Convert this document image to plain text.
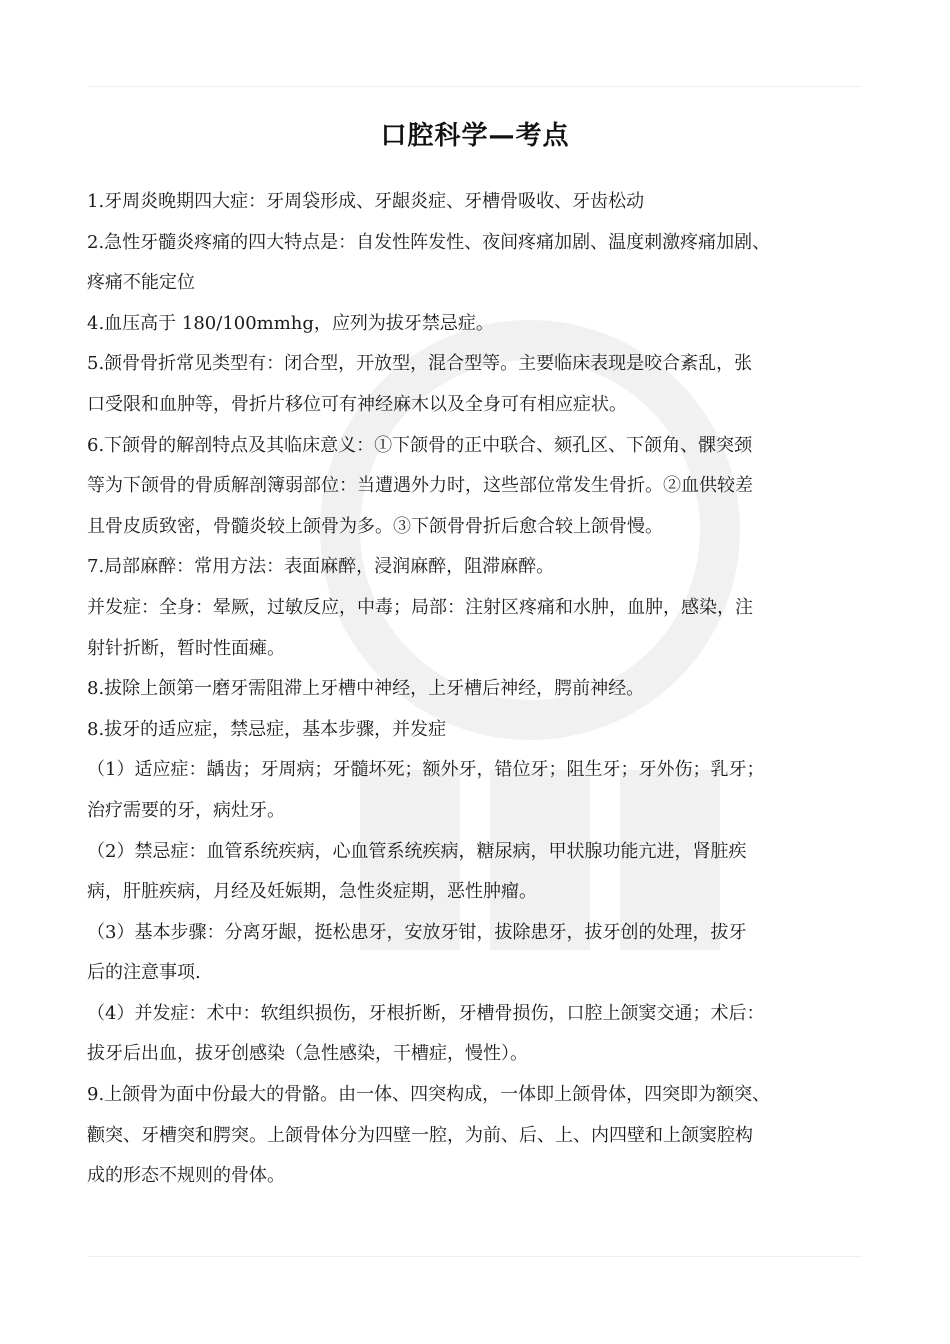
口腔科学—考点
1.牙周炎晚期四大症：牙周袋形成、牙龈炎症、牙槽骨吸收、牙齿松动
2.急性牙髓炎疼痛的四大特点是：自发性阵发性、夜间疼痛加剧、温度刺激疼痛加剧、
疼痛不能定位
4.血压高于 180/100mmhg，应列为拔牙禁忌症。
5.颌骨骨折常见类型有：闭合型，开放型，混合型等。主要临床表现是咬合紊乱，张
口受限和血肿等，骨折片移位可有神经麻木以及全身可有相应症状。
6.下颌骨的解剖特点及其临床意义：①下颌骨的正中联合、颏孔区、下颌角、髁突颈
等为下颌骨的骨质解剖簿弱部位：当遭遇外力时，这些部位常发生骨折。②血供较差
且骨皮质致密，骨髓炎较上颌骨为多。③下颌骨骨折后愈合较上颌骨慢。
7.局部麻醉：常用方法：表面麻醉，浸润麻醉，阻滞麻醉。
并发症：全身：晕厥，过敏反应，中毒；局部：注射区疼痛和水肿，血肿，感染，注
射针折断，暂时性面瘫。
8.拔除上颌第一磨牙需阻滞上牙槽中神经，上牙槽后神经，腭前神经。
8.拔牙的适应症，禁忌症，基本步骤，并发症
（1）适应症：龋齿；牙周病；牙髓坏死；额外牙，错位牙；阻生牙；牙外伤；乳牙；
治疗需要的牙，病灶牙。
（2）禁忌症：血管系统疾病，心血管系统疾病，糖尿病，甲状腺功能亢进，肾脏疾
病，肝脏疾病，月经及妊娠期，急性炎症期，恶性肿瘤。
（3）基本步骤：分离牙龈，挺松患牙，安放牙钳，拔除患牙，拔牙创的处理，拔牙
后的注意事项.
（4）并发症：术中：软组织损伤，牙根折断，牙槽骨损伤，口腔上颌窦交通；术后：
拔牙后出血，拔牙创感染（急性感染，干槽症，慢性）。
9.上颌骨为面中份最大的骨骼。由一体、四突构成，一体即上颌骨体，四突即为额突、
颧突、牙槽突和腭突。上颌骨体分为四壁一腔，为前、后、上、内四壁和上颌窦腔构
成的形态不规则的骨体。
